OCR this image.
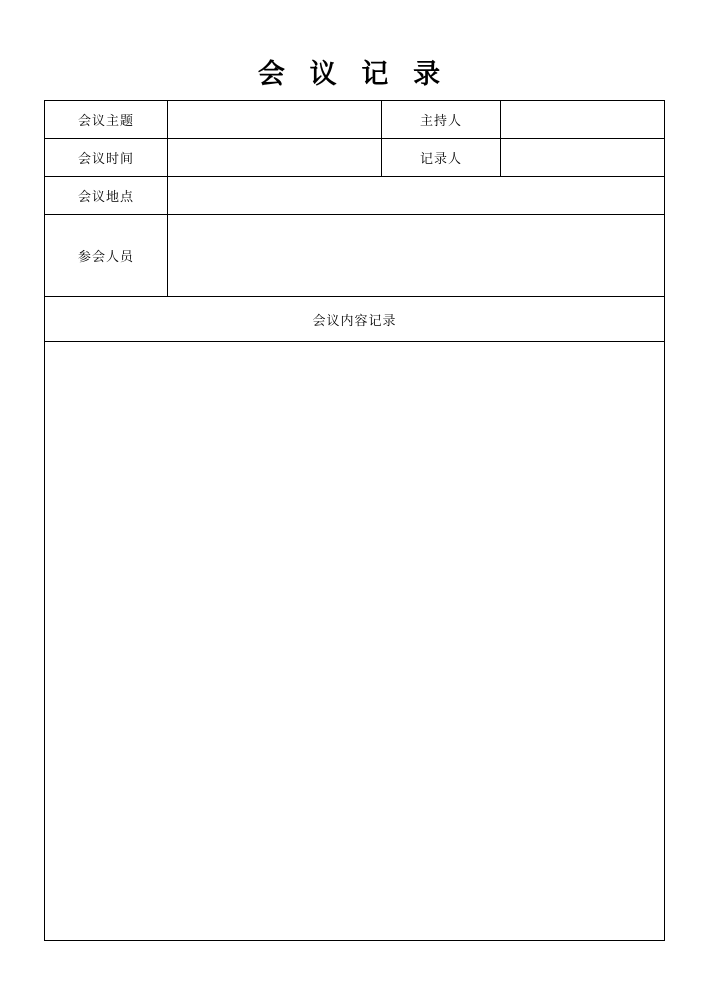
会 议 记 录
会议主题		主持人	
会议时间		记录人	
会议地点			
参会人员			
会议内容记录			
